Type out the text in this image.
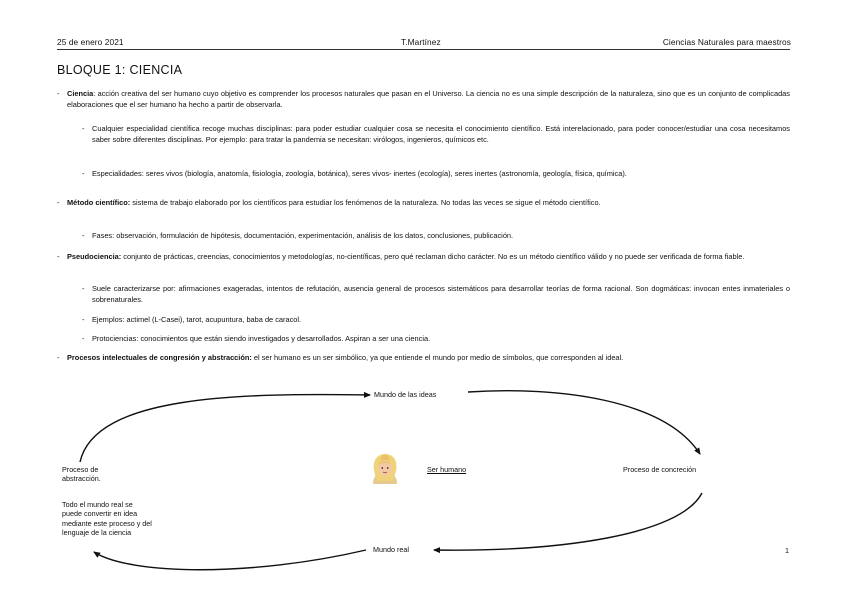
25 de enero 2021	T.Martínez	Ciencias Naturales para maestros
BLOQUE 1: CIENCIA
- Ciencia: acción creativa del ser humano cuyo objetivo es comprender los procesos naturales que pasan en el Universo. La ciencia no es una simple descripción de la naturaleza, sino que es un conjunto de complicadas elaboraciones que el ser humano ha hecho a partir de observarla.
- Cualquier especialidad científica recoge muchas disciplinas: para poder estudiar cualquier cosa se necesita el conocimiento científico. Está interelacionado, para poder conocer/estudiar una cosa necesitamos saber sobre diferentes disciplinas. Por ejemplo: para tratar la pandemia se necesitan: virólogos, ingenieros, químicos etc.
- Especialidades: seres vivos (biología, anatomía, fisiología, zoología, botánica), seres vivos- inertes (ecología), seres inertes (astronomía, geología, física, química).
- Método científico: sistema de trabajo elaborado por los científicos para estudiar los fenómenos de la naturaleza. No todas las veces se sigue el método científico.
- Fases: observación, formulación de hipótesis, documentación, experimentación, análisis de los datos, conclusiones, publicación.
- Pseudociencia: conjunto de prácticas, creencias, conocimientos y metodologías, no-científicas, pero qué reclaman dicho carácter. No es un método científico válido y no puede ser verificada de forma fiable.
- Suele caracterizarse por: afirmaciones exageradas, intentos de refutación, ausencia general de procesos sistemáticos para desarrollar teorías de forma racional. Son dogmáticas: invocan entes inmateriales o sobrenaturales.
- Ejemplos: actimel (L-Casei), tarot, acupuntura, baba de caracol.
- Protociencias: conocimientos que están siendo investigados y desarrollados. Aspiran a ser una ciencia.
- Procesos intelectuales de congresión y abstracción: el ser humano es un ser simbólico, ya que entiende el mundo por medio de símbolos, que corresponden al ideal.
Mundo de las ideas
Proceso de abstracción.
Todo el mundo real se puede convertir en idea mediante este proceso y del lenguaje de la ciencia
Ser humano	Proceso de concreción
Mundo real	1
